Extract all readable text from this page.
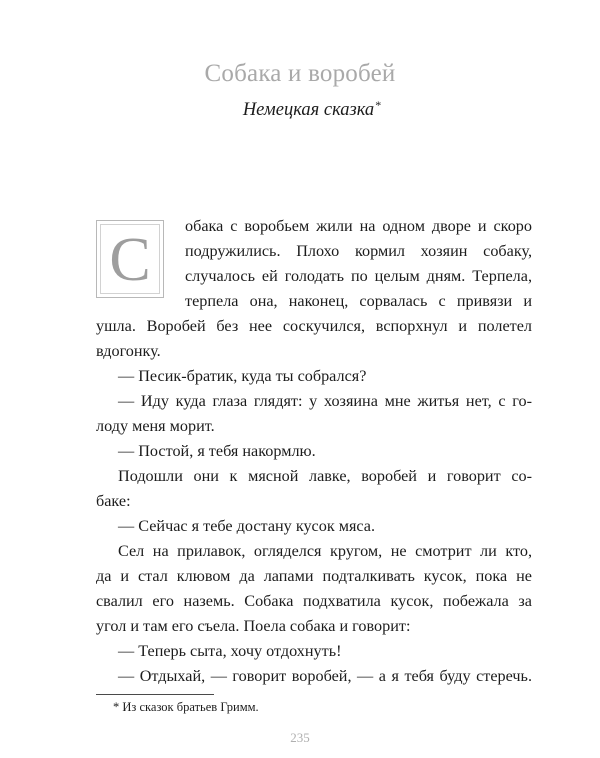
Собака и воробей
Немецкая сказка*
С	обака с воробьем жили на одном дворе и скоро
подружились. Плохо кормил хозяин собаку,
случалось ей голодать по целым дням. Терпела,
терпела она, наконец, сорвалась с привязи и
ушла. Воробей без нее соскучился, вспорхнул и полетел
вдогонку.
— Песик-братик, куда ты собрался?
— Иду куда глаза глядят: у хозяина мне житья нет, с го-
лоду меня морит.
— Постой, я тебя накормлю.
Подошли они к мясной лавке, воробей и говорит со-
баке:
— Сейчас я тебе достану кусок мяса.
Сел на прилавок, огляделся кругом, не смотрит ли кто,
да и стал клювом да лапами подталкивать кусок, пока не
свалил его наземь. Собака подхватила кусок, побежала за
угол и там его съела. Поела собака и говорит:
— Теперь сыта, хочу отдохнуть!
— Отдыхай, — говорит воробей, — а я тебя буду стеречь.
* Из сказок братьев Гримм.
235
